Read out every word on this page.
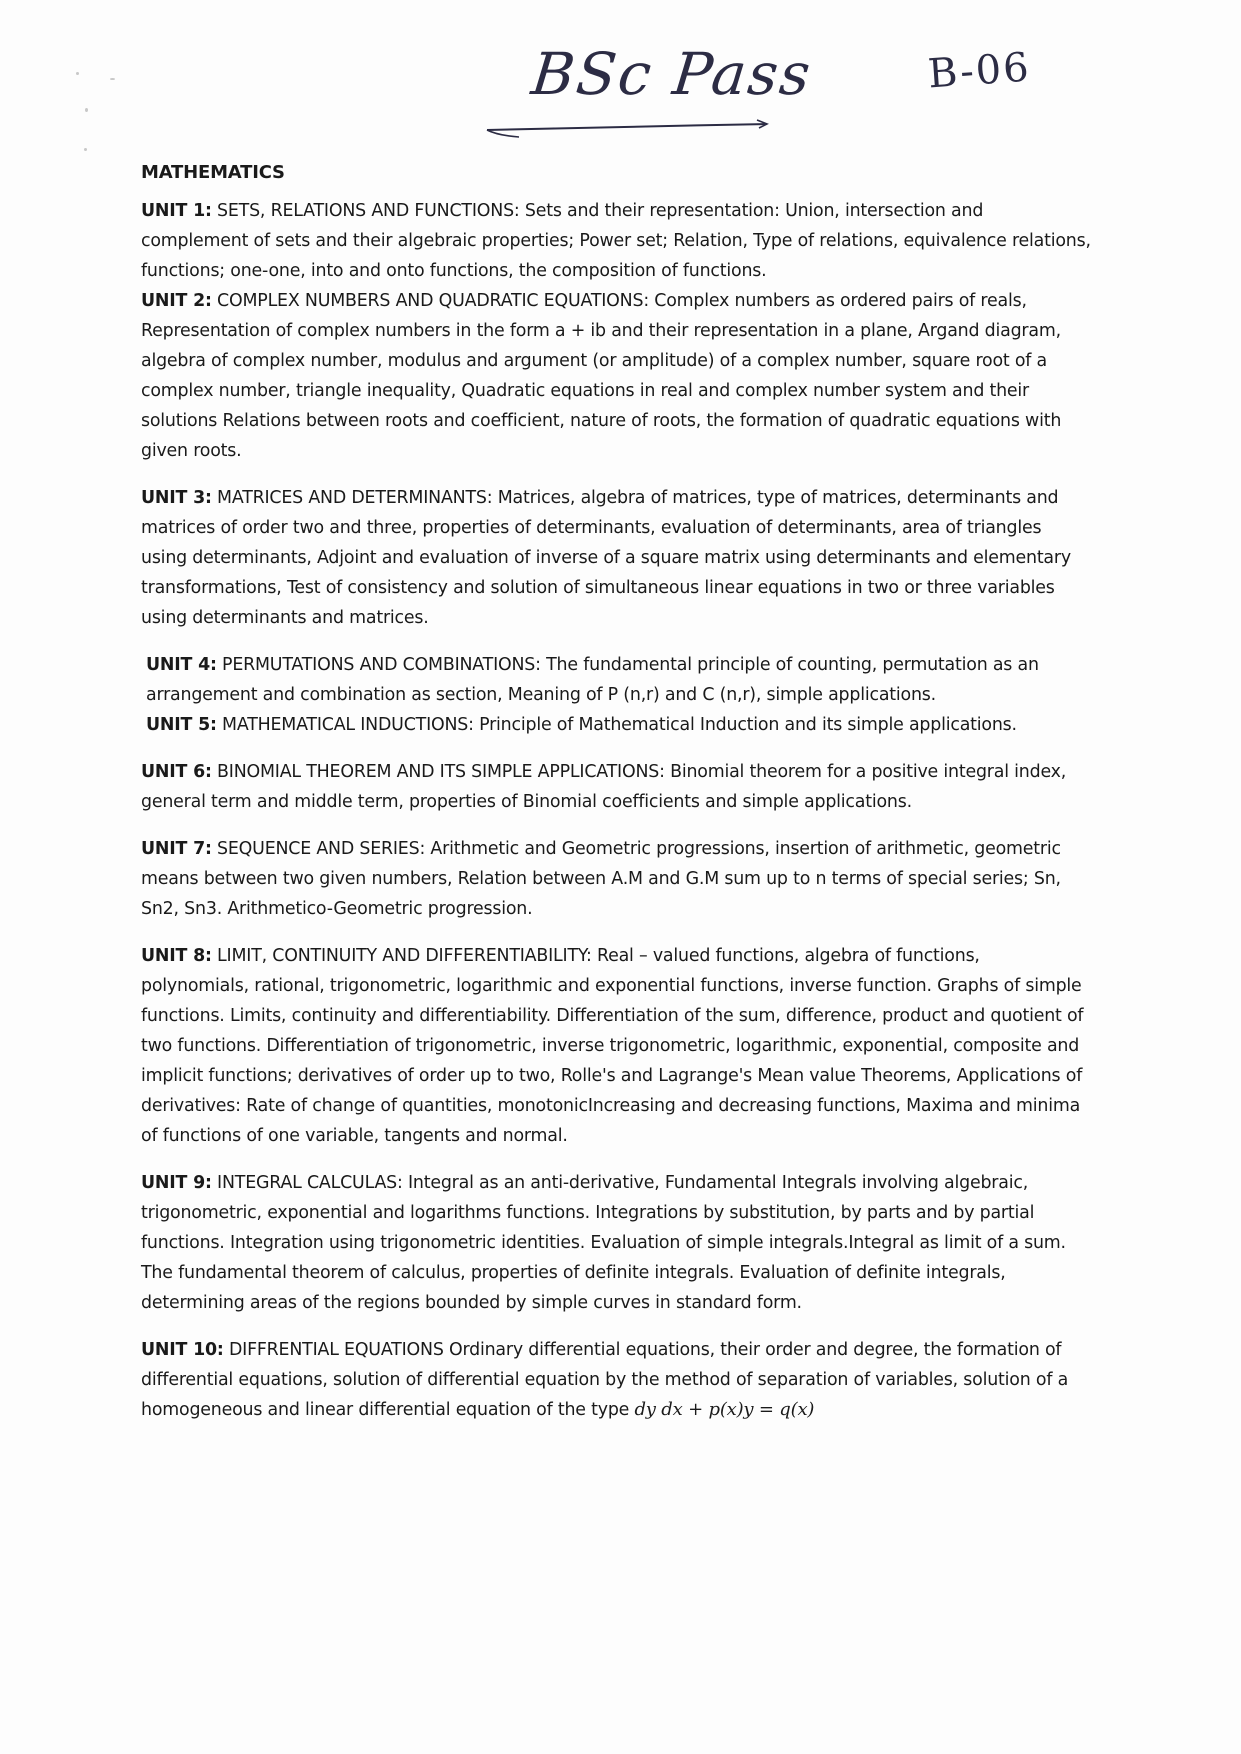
BSc Pass	B-06
MATHEMATICS

UNIT 1: SETS, RELATIONS AND FUNCTIONS: Sets and their representation: Union, intersection and complement of sets and their algebraic properties; Power set; Relation, Type of relations, equivalence relations, functions; one-one, into and onto functions, the composition of functions.

UNIT 2: COMPLEX NUMBERS AND QUADRATIC EQUATIONS: Complex numbers as ordered pairs of reals, Representation of complex numbers in the form a + ib and their representation in a plane, Argand diagram, algebra of complex number, modulus and argument (or amplitude) of a complex number, square root of a complex number, triangle inequality, Quadratic equations in real and complex number system and their solutions Relations between roots and coefficient, nature of roots, the formation of quadratic equations with given roots.

UNIT 3: MATRICES AND DETERMINANTS: Matrices, algebra of matrices, type of matrices, determinants and matrices of order two and three, properties of determinants, evaluation of determinants, area of triangles using determinants, Adjoint and evaluation of inverse of a square matrix using determinants and elementary transformations, Test of consistency and solution of simultaneous linear equations in two or three variables using determinants and matrices.

UNIT 4: PERMUTATIONS AND COMBINATIONS: The fundamental principle of counting, permutation as an arrangement and combination as section, Meaning of P (n,r) and C (n,r), simple applications.

UNIT 5: MATHEMATICAL INDUCTIONS: Principle of Mathematical Induction and its simple applications.

UNIT 6: BINOMIAL THEOREM AND ITS SIMPLE APPLICATIONS: Binomial theorem for a positive integral index, general term and middle term, properties of Binomial coefficients and simple applications.

UNIT 7: SEQUENCE AND SERIES: Arithmetic and Geometric progressions, insertion of arithmetic, geometric means between two given numbers, Relation between A.M and G.M sum up to n terms of special series; Sn, Sn2, Sn3. Arithmetico-Geometric progression.

UNIT 8: LIMIT, CONTINUITY AND DIFFERENTIABILITY: Real – valued functions, algebra of functions, polynomials, rational, trigonometric, logarithmic and exponential functions, inverse function. Graphs of simple functions. Limits, continuity and differentiability. Differentiation of the sum, difference, product and quotient of two functions. Differentiation of trigonometric, inverse trigonometric, logarithmic, exponential, composite and implicit functions; derivatives of order up to two, Rolle's and Lagrange's Mean value Theorems, Applications of derivatives: Rate of change of quantities, monotonicIncreasing and decreasing functions, Maxima and minima of functions of one variable, tangents and normal.

UNIT 9: INTEGRAL CALCULAS: Integral as an anti-derivative, Fundamental Integrals involving algebraic, trigonometric, exponential and logarithms functions. Integrations by substitution, by parts and by partial functions. Integration using trigonometric identities. Evaluation of simple integrals.Integral as limit of a sum. The fundamental theorem of calculus, properties of definite integrals. Evaluation of definite integrals, determining areas of the regions bounded by simple curves in standard form.

UNIT 10: DIFFRENTIAL EQUATIONS Ordinary differential equations, their order and degree, the formation of differential equations, solution of differential equation by the method of separation of variables, solution of a homogeneous and linear differential equation of the type dy dx + p(x)y = q(x)
